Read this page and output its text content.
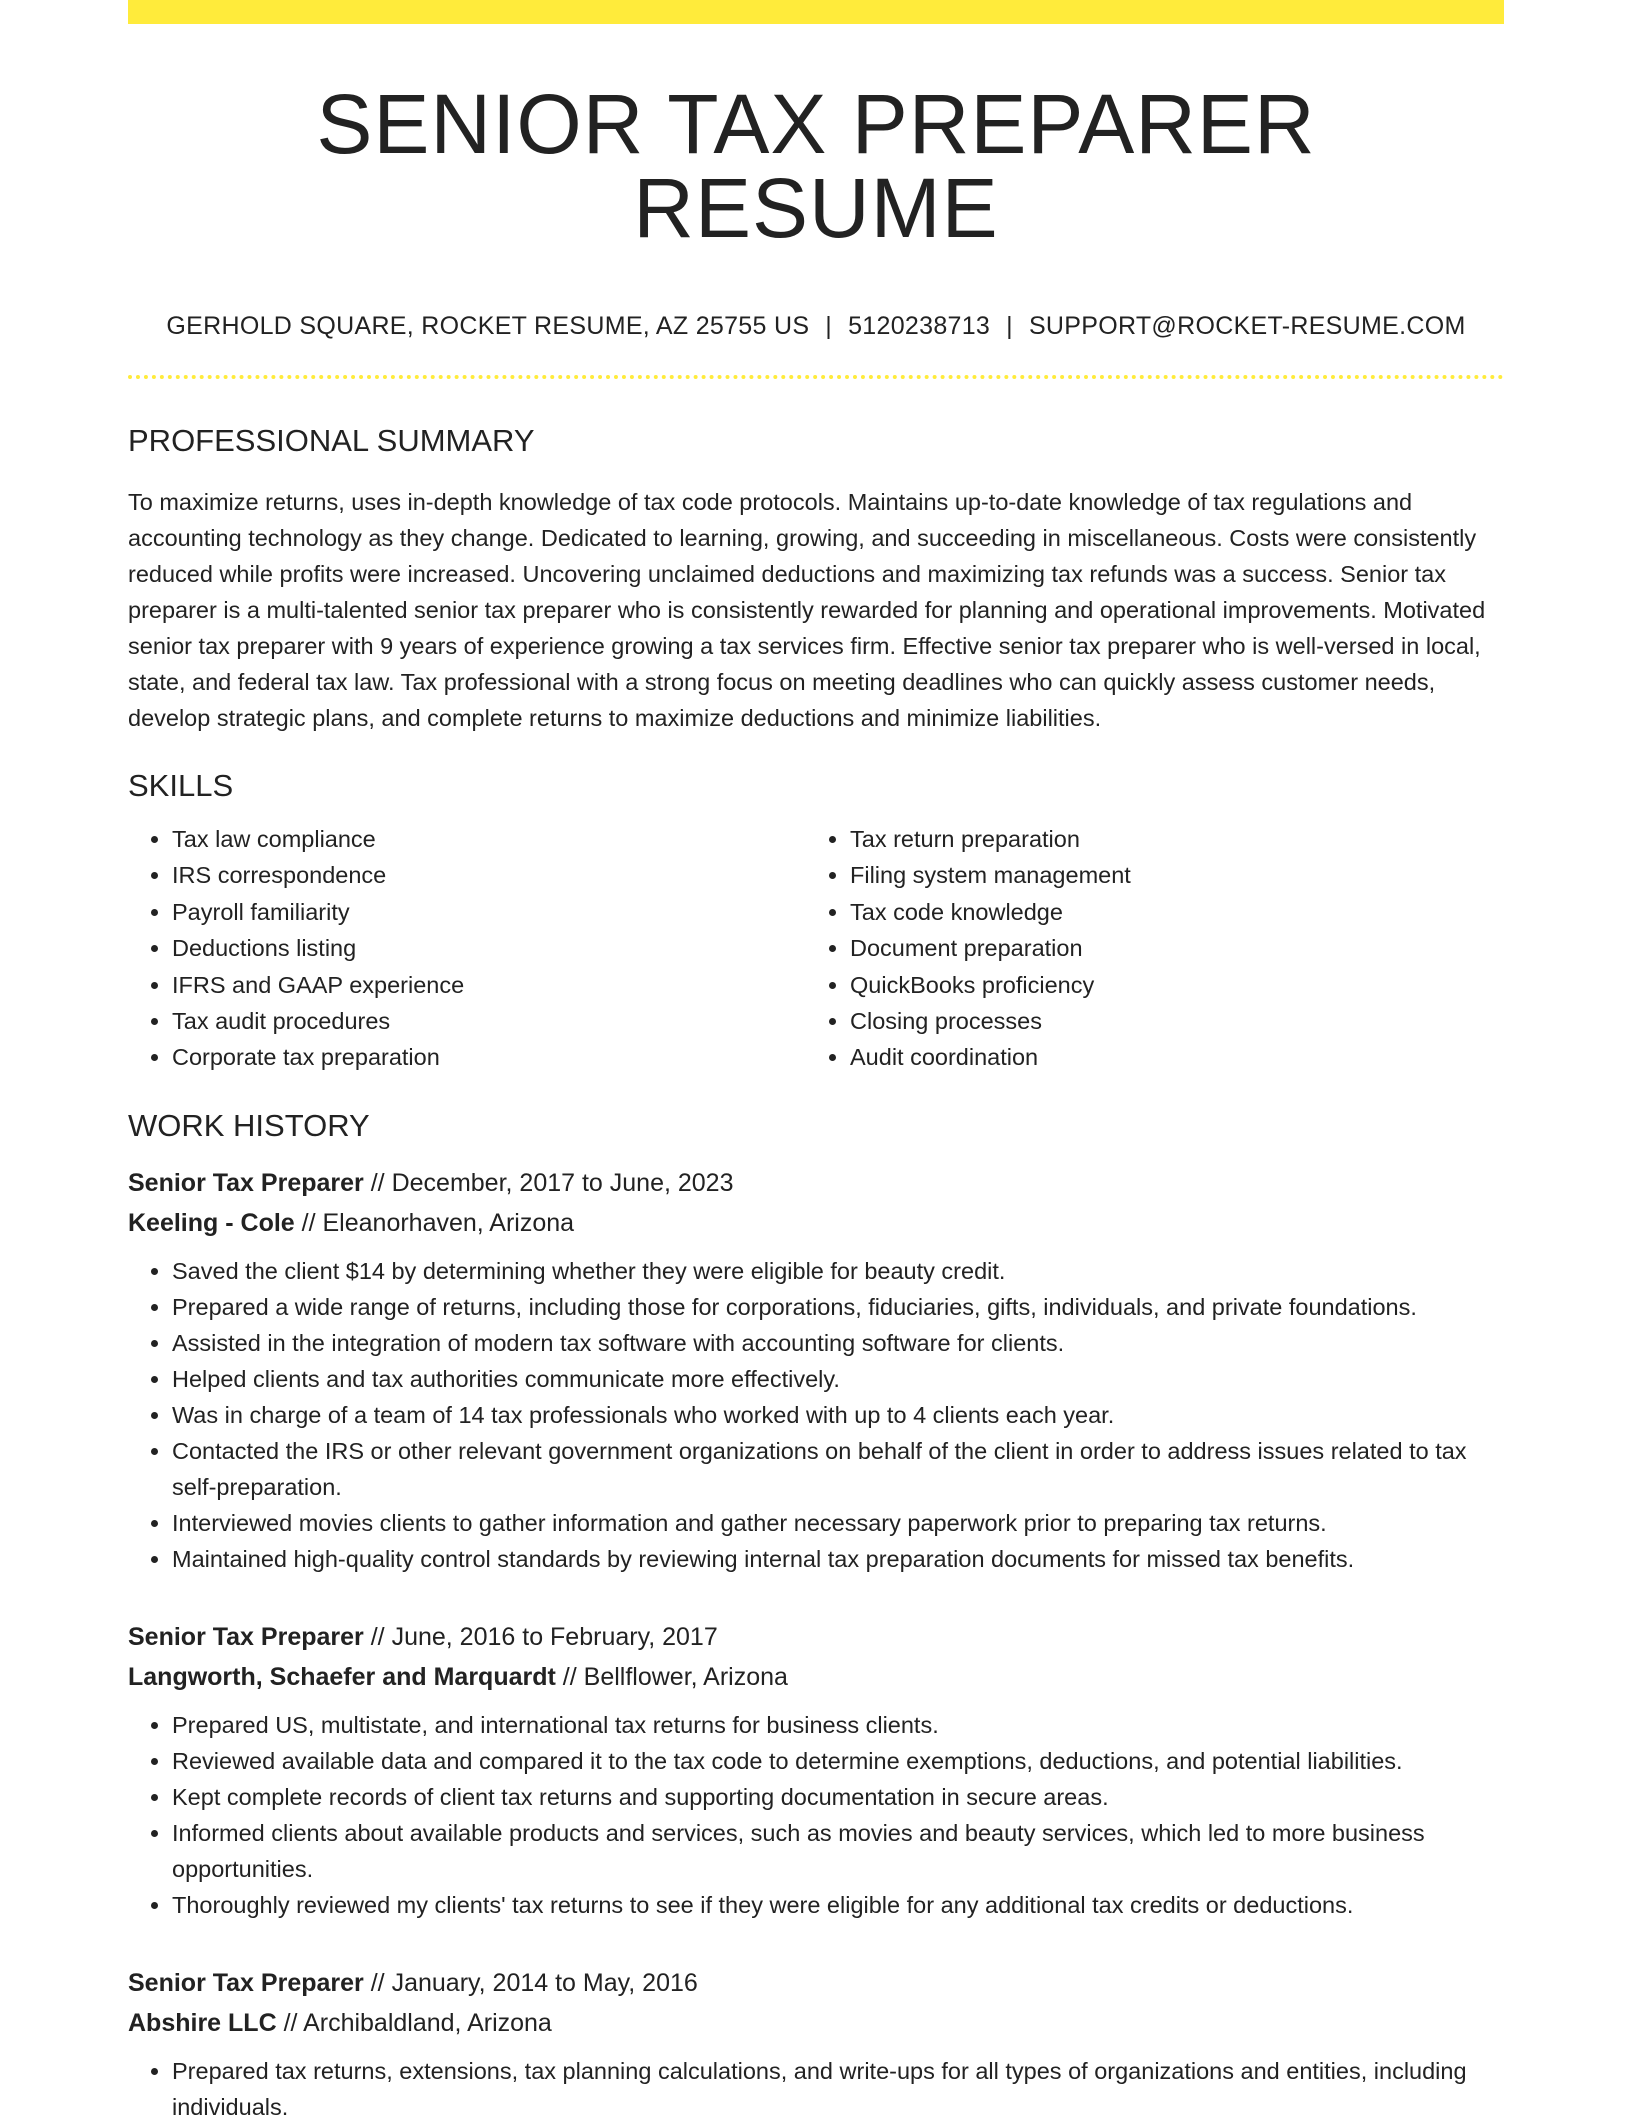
SENIOR TAX PREPARER RESUME
GERHOLD SQUARE, ROCKET RESUME, AZ 25755 US | 5120238713 | SUPPORT@ROCKET-RESUME.COM
PROFESSIONAL SUMMARY

To maximize returns, uses in-depth knowledge of tax code protocols. Maintains up-to-date knowledge of tax regulations and accounting technology as they change. Dedicated to learning, growing, and succeeding in miscellaneous. Costs were consistently reduced while profits were increased. Uncovering unclaimed deductions and maximizing tax refunds was a success. Senior tax preparer is a multi-talented senior tax preparer who is consistently rewarded for planning and operational improvements. Motivated senior tax preparer with 9 years of experience growing a tax services firm. Effective senior tax preparer who is well-versed in local, state, and federal tax law. Tax professional with a strong focus on meeting deadlines who can quickly assess customer needs, develop strategic plans, and complete returns to maximize deductions and minimize liabilities.

SKILLS
• Tax law compliance
• IRS correspondence
• Payroll familiarity
• Deductions listing
• IFRS and GAAP experience
• Tax audit procedures
• Corporate tax preparation
• Tax return preparation
• Filing system management
• Tax code knowledge
• Document preparation
• QuickBooks proficiency
• Closing processes
• Audit coordination
WORK HISTORY
Senior Tax Preparer // December, 2017 to June, 2023
Keeling - Cole // Eleanorhaven, Arizona
• Saved the client $14 by determining whether they were eligible for beauty credit.
• Prepared a wide range of returns, including those for corporations, fiduciaries, gifts, individuals, and private foundations.
• Assisted in the integration of modern tax software with accounting software for clients.
• Helped clients and tax authorities communicate more effectively.
• Was in charge of a team of 14 tax professionals who worked with up to 4 clients each year.
• Contacted the IRS or other relevant government organizations on behalf of the client in order to address issues related to tax self-preparation.
• Interviewed movies clients to gather information and gather necessary paperwork prior to preparing tax returns.
• Maintained high-quality control standards by reviewing internal tax preparation documents for missed tax benefits.
Senior Tax Preparer // June, 2016 to February, 2017
Langworth, Schaefer and Marquardt // Bellflower, Arizona
• Prepared US, multistate, and international tax returns for business clients.
• Reviewed available data and compared it to the tax code to determine exemptions, deductions, and potential liabilities.
• Kept complete records of client tax returns and supporting documentation in secure areas.
• Informed clients about available products and services, such as movies and beauty services, which led to more business opportunities.
• Thoroughly reviewed my clients' tax returns to see if they were eligible for any additional tax credits or deductions.
Senior Tax Preparer // January, 2014 to May, 2016
Abshire LLC // Archibaldland, Arizona
• Prepared tax returns, extensions, tax planning calculations, and write-ups for all types of organizations and entities, including individuals.
